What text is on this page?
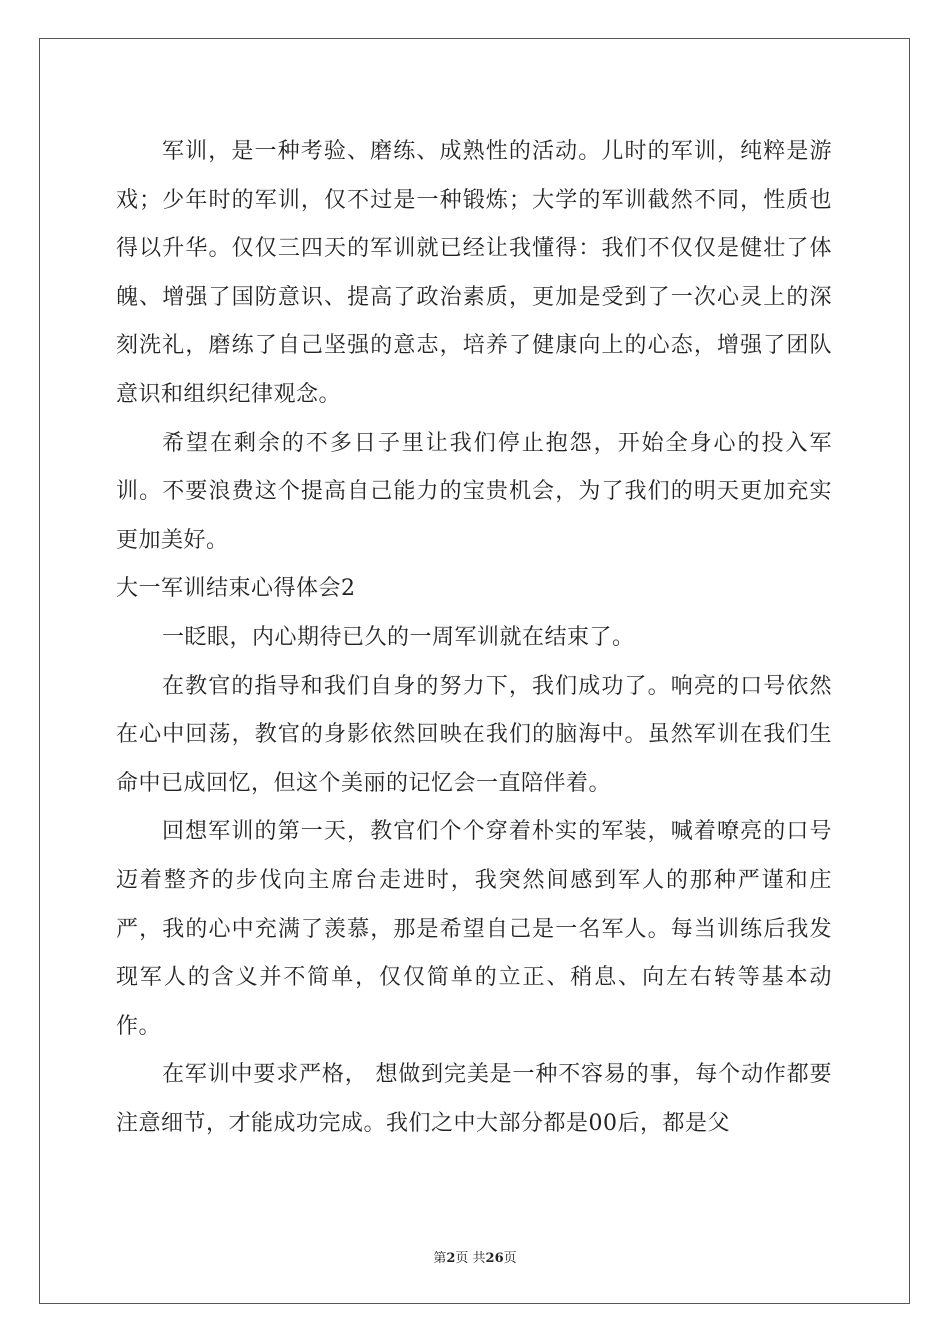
军训，是一种考验、磨练、成熟性的活动。儿时的军训，纯粹是游戏；少年时的军训，仅不过是一种锻炼；大学的军训截然不同，性质也得以升华。仅仅三四天的军训就已经让我懂得：我们不仅仅是健壮了体魄、增强了国防意识、提高了政治素质，更加是受到了一次心灵上的深刻洗礼，磨练了自己坚强的意志，培养了健康向上的心态，增强了团队意识和组织纪律观念。

希望在剩余的不多日子里让我们停止抱怨，开始全身心的投入军训。不要浪费这个提高自己能力的宝贵机会，为了我们的明天更加充实更加美好。

大一军训结束心得体会2

一眨眼，内心期待已久的一周军训就在结束了。

在教官的指导和我们自身的努力下，我们成功了。响亮的口号依然在心中回荡，教官的身影依然回映在我们的脑海中。虽然军训在我们生命中已成回忆，但这个美丽的记忆会一直陪伴着。

回想军训的第一天，教官们个个穿着朴实的军装，喊着嘹亮的口号迈着整齐的步伐向主席台走进时，我突然间感到军人的那种严谨和庄严，我的心中充满了羡慕，那是希望自己是一名军人。每当训练后我发现军人的含义并不简单，仅仅简单的立正、稍息、向左右转等基本动作。

在军训中要求严格， 想做到完美是一种不容易的事，每个动作都要注意细节，才能成功完成。我们之中大部分都是00后，都是父

第2页 共26页
